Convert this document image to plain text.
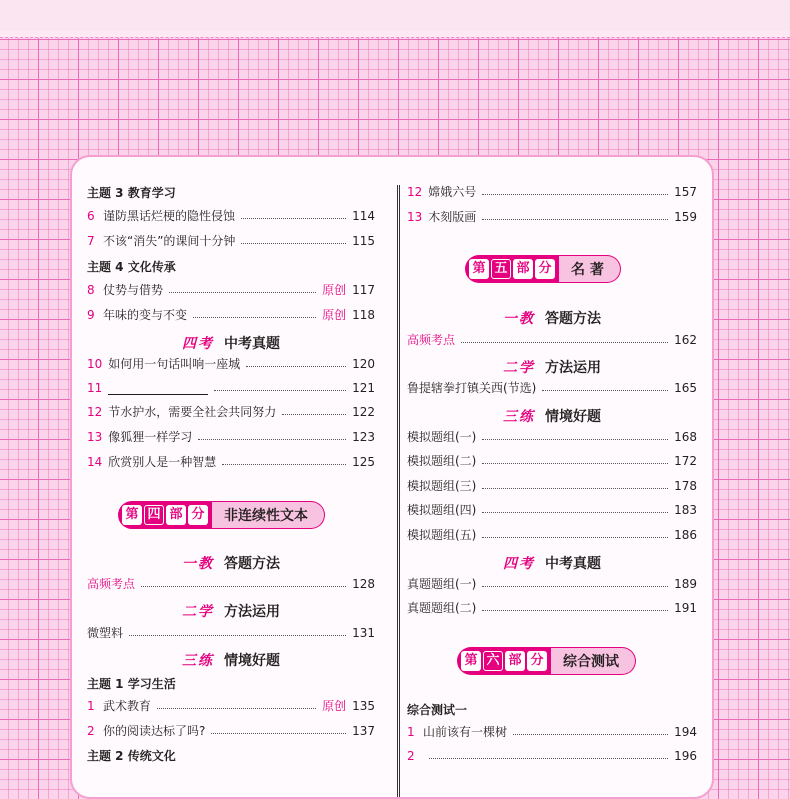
主题 3 教育学习
6 谨防黑话烂梗的隐性侵蚀	114
7 不该“消失”的课间十分钟	115
主题 4 文化传承
8 仗势与借势	原创 117
9 年味的变与不变	原创 118
四考 中考真题
10 如何用一句话叫响一座城	120
11	121
12 节水护水，需要全社会共同努力	122
13 像狐狸一样学习	123
14 欣赏别人是一种智慧	125
第 四 部 分	非连续性文本
一教 答题方法
高频考点	128
二学 方法运用
微塑料	131
三练 情境好题
主题 1 学习生活
1 武术教育	原创 135
2 你的阅读达标了吗?	137
主题 2 传统文化
12 嫦娥六号	157
13 木刻版画	159
第 五 部 分	名 著
一教 答题方法
高频考点	162
二学 方法运用
鲁提辖拳打镇关西(节选)	165
三练 情境好题
模拟题组(一)	168
模拟题组(二)	172
模拟题组(三)	178
模拟题组(四)	183
模拟题组(五)	186
四考 中考真题
真题题组(一)	189
真题题组(二)	191
第 六 部 分	综合测试
综合测试一
1 山前该有一棵树	194
2	196
